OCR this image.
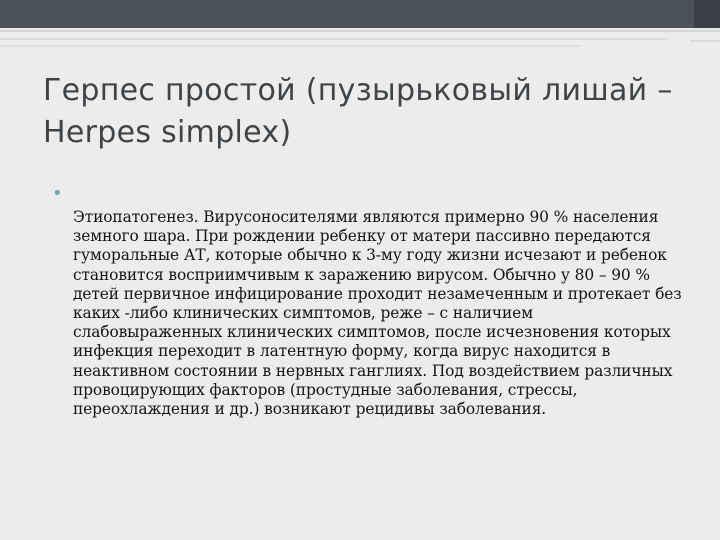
Герпес простой (пузырьковый лишай – Herpes simplex)
•

Этиопатогенез. Вирусоносителями являются примерно 90 % населения земного шара. При рождении ребенку от матери пассивно передаются гуморальные АТ, которые обычно к 3-му году жизни исчезают и ребенок становится восприимчивым к заражению вирусом. Обычно у 80 – 90 % детей первичное инфицирование проходит незамеченным и протекает без каких -либо клинических симптомов, реже – с наличием слабовыраженных клинических симптомов, после исчезновения которых инфекция переходит в латентную форму, когда вирус находится в неактивном состоянии в нервных ганглиях. Под воздействием различных провоцирующих факторов (простудные заболевания, стрессы, переохлаждения и др.) возникают рецидивы заболевания.
